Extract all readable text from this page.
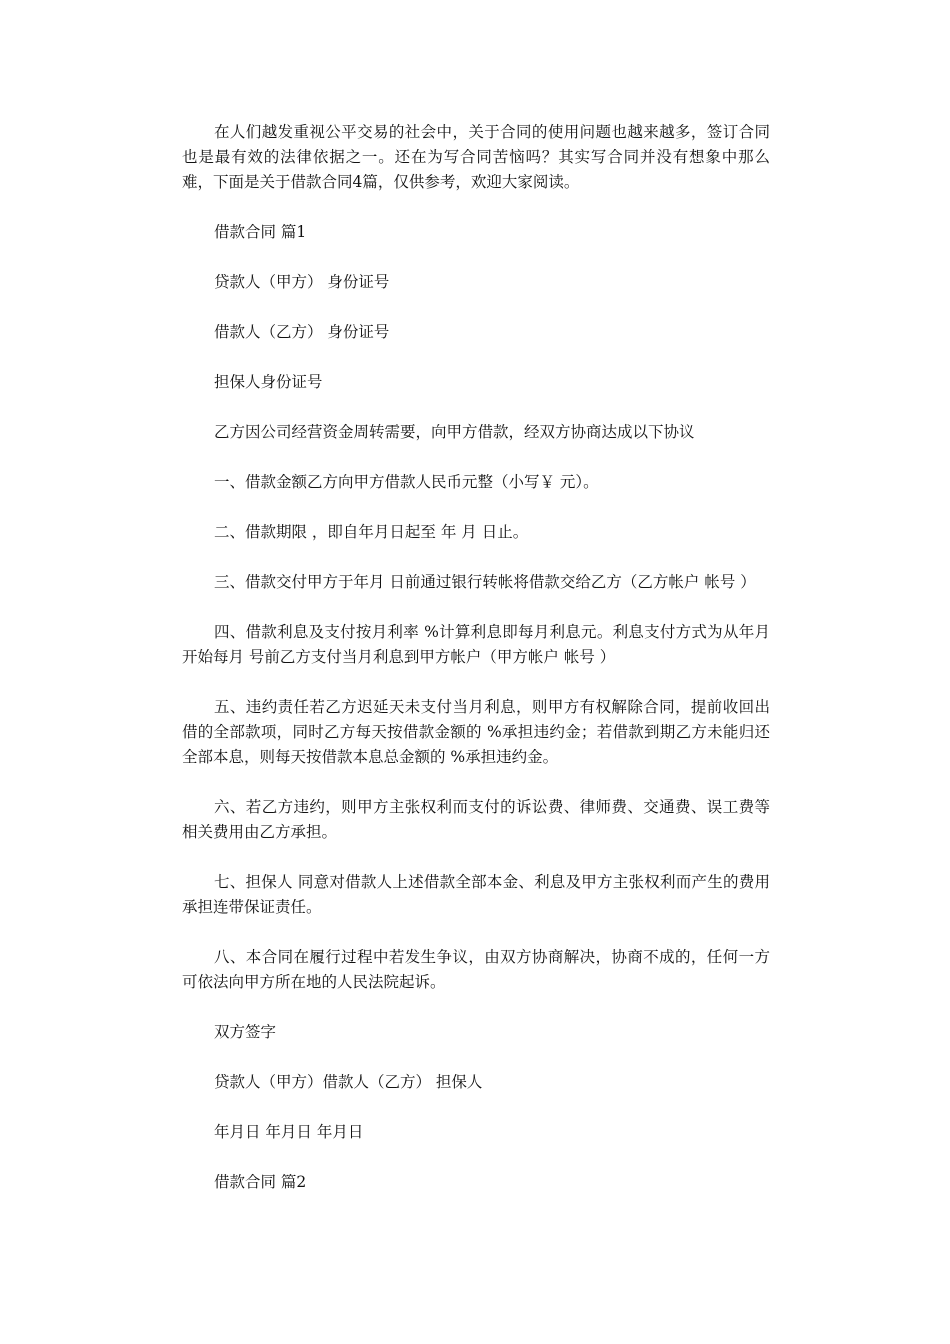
在人们越发重视公平交易的社会中，关于合同的使用问题也越来越多，签订合同也是最有效的法律依据之一。还在为写合同苦恼吗？其实写合同并没有想象中那么难，下面是关于借款合同4篇，仅供参考，欢迎大家阅读。

借款合同 篇1

贷款人（甲方） 身份证号

借款人（乙方） 身份证号

担保人身份证号

乙方因公司经营资金周转需要，向甲方借款，经双方协商达成以下协议

一、借款金额乙方向甲方借款人民币元整（小写￥ 元）。

二、借款期限 ，即自年月日起至 年 月 日止。

三、借款交付甲方于年月 日前通过银行转帐将借款交给乙方（乙方帐户 帐号 ）

四、借款利息及支付按月利率 %计算利息即每月利息元。利息支付方式为从年月开始每月 号前乙方支付当月利息到甲方帐户（甲方帐户 帐号 ）

五、违约责任若乙方迟延天未支付当月利息，则甲方有权解除合同，提前收回出借的全部款项，同时乙方每天按借款金额的 %承担违约金；若借款到期乙方未能归还全部本息，则每天按借款本息总金额的 %承担违约金。

六、若乙方违约，则甲方主张权利而支付的诉讼费、律师费、交通费、误工费等相关费用由乙方承担。

七、担保人 同意对借款人上述借款全部本金、利息及甲方主张权利而产生的费用承担连带保证责任。

八、本合同在履行过程中若发生争议，由双方协商解决，协商不成的，任何一方可依法向甲方所在地的人民法院起诉。

双方签字

贷款人（甲方）借款人（乙方） 担保人

年月日 年月日 年月日

借款合同 篇2
